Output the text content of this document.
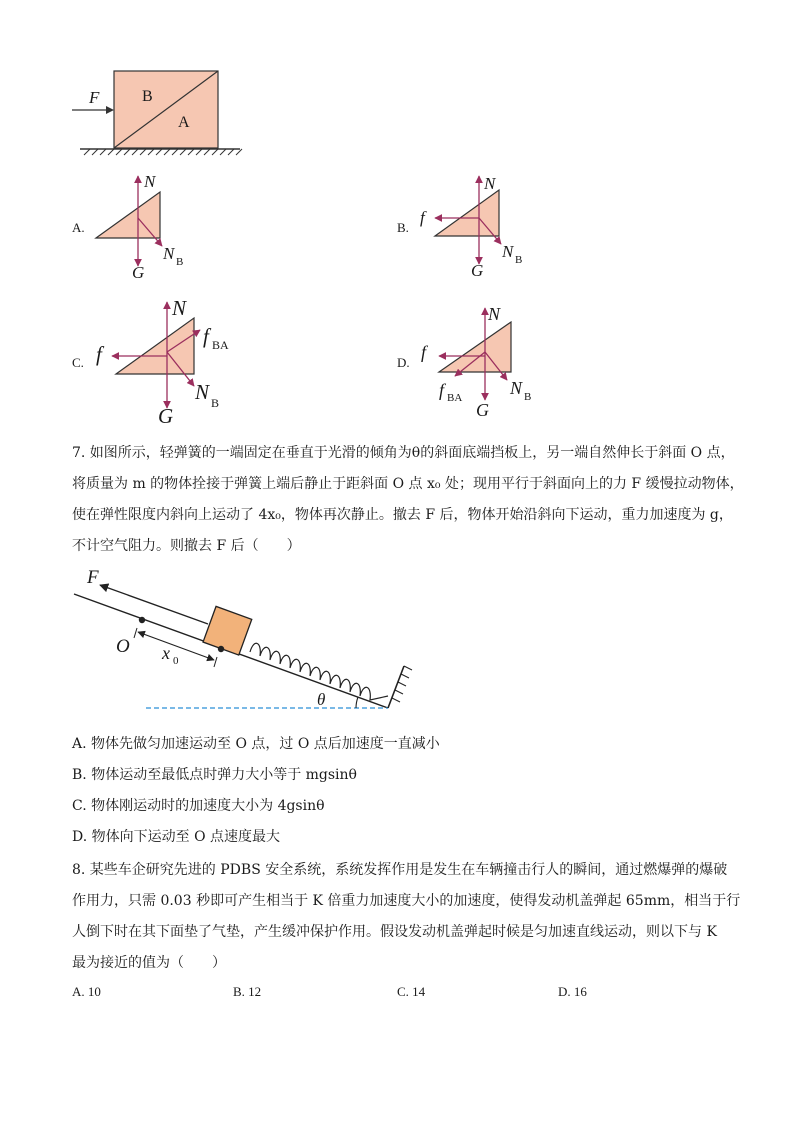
F	B
A
A.
N
N B
G
B.
N
f
N B
G
C.
N
f BA
f
N B
G
D.
N
f
f BA	N B
G
7. 如图所示，轻弹簧的一端固定在垂直于光滑的倾角为θ的斜面底端挡板上，另一端自然伸长于斜面 O 点，
将质量为 m 的物体拴接于弹簧上端后静止于距斜面 O 点 x₀ 处；现用平行于斜面向上的力 F 缓慢拉动物体，
使在弹性限度内斜向上运动了 4x₀，物体再次静止。撤去 F 后，物体开始沿斜向下运动，重力加速度为 g，
不计空气阻力。则撤去 F 后（　　）
F
O x 0
θ
A. 物体先做匀加速运动至 O 点，过 O 点后加速度一直减小
B. 物体运动至最低点时弹力大小等于 mgsinθ
C. 物体刚运动时的加速度大小为 4gsinθ
D. 物体向下运动至 O 点速度最大
8. 某些车企研究先进的 PDBS 安全系统，系统发挥作用是发生在车辆撞击行人的瞬间，通过燃爆弹的爆破
作用力，只需 0.03 秒即可产生相当于 K 倍重力加速度大小的加速度，使得发动机盖弹起 65mm，相当于行
人倒下时在其下面垫了气垫，产生缓冲保护作用。假设发动机盖弹起时候是匀加速直线运动，则以下与 K
最为接近的值为（　　）
A. 10	B. 12	C. 14	D. 16
